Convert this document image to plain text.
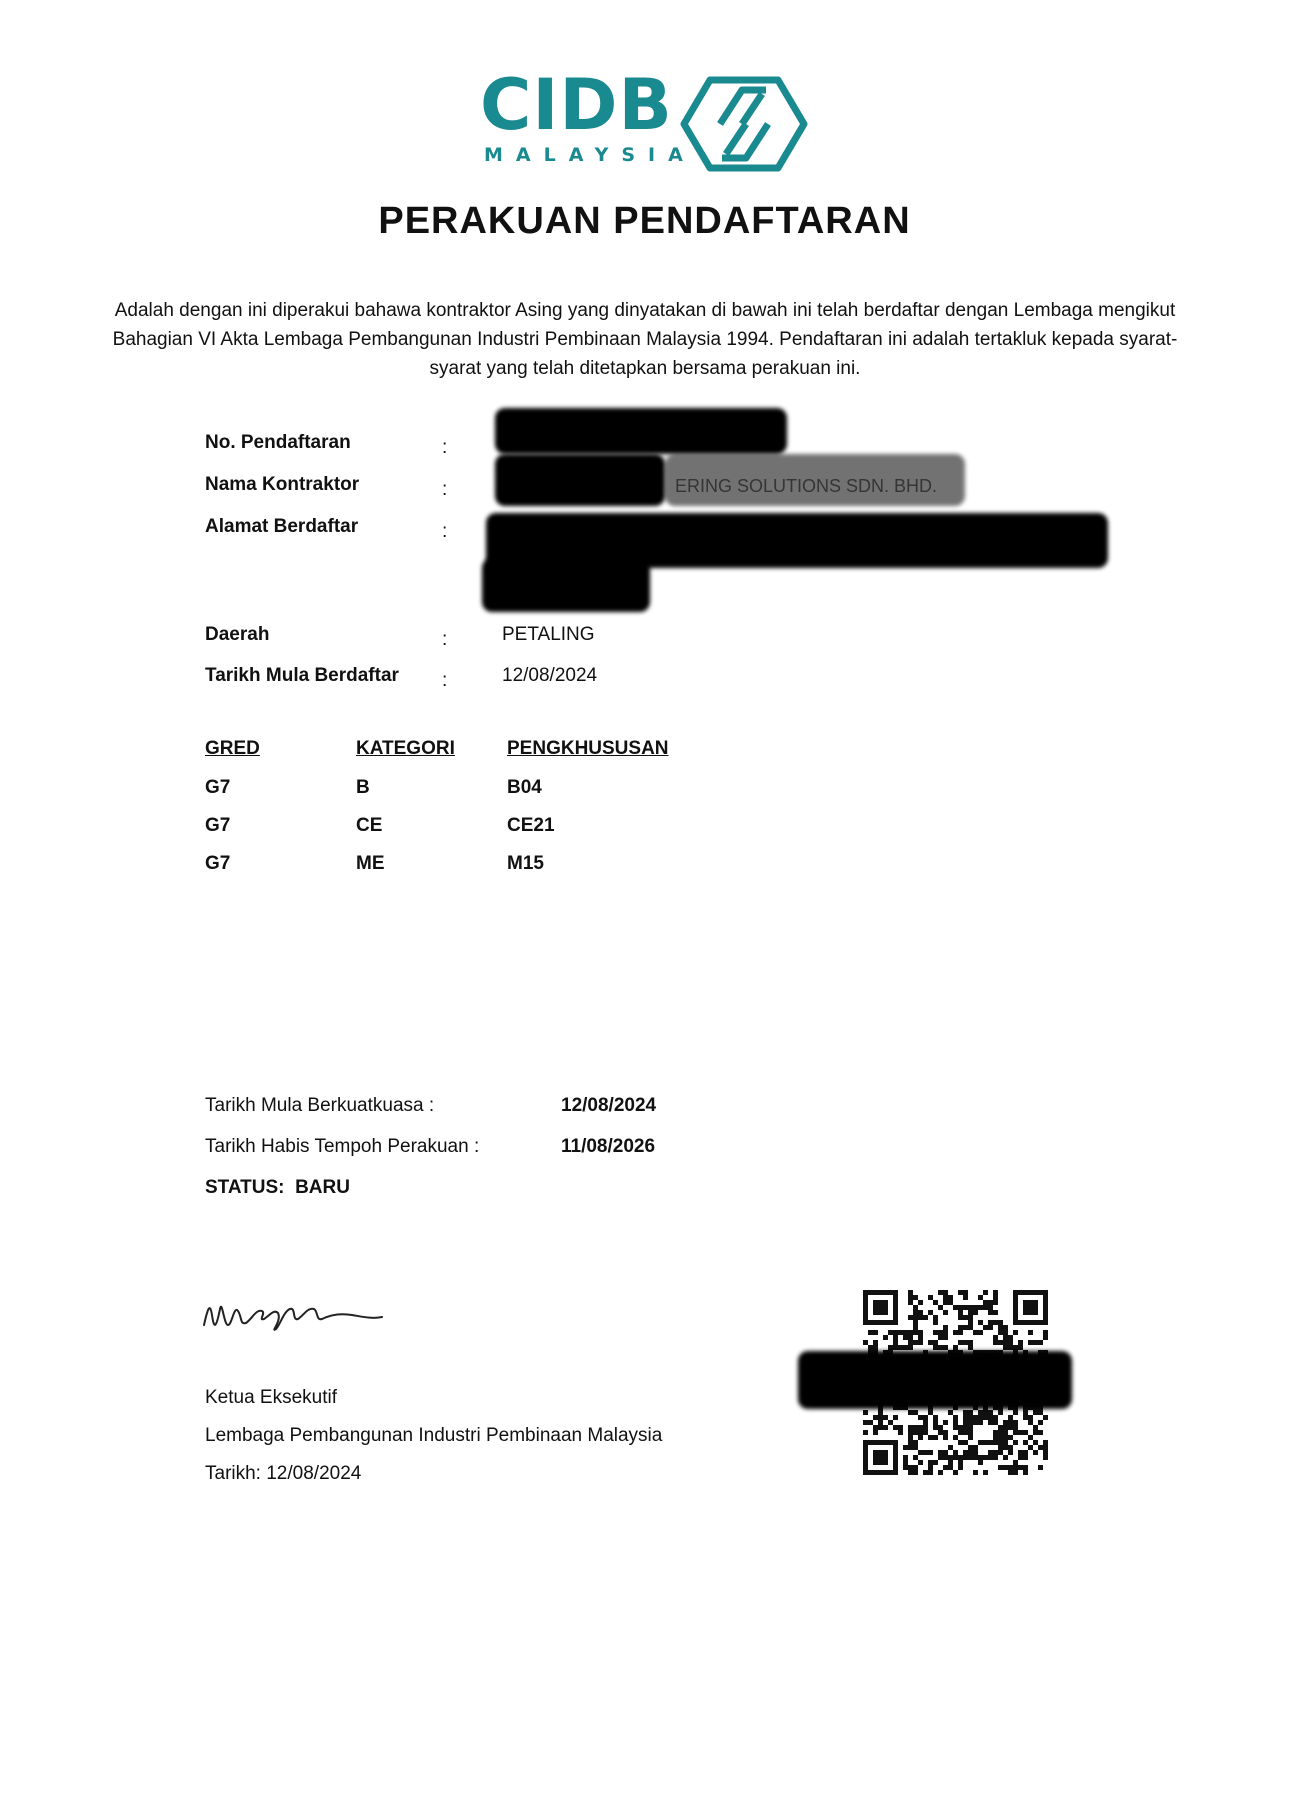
CIDB
MALAYSIA
PERAKUAN PENDAFTARAN
Adalah dengan ini diperakui bahawa kontraktor Asing yang dinyatakan di bawah ini telah berdaftar dengan Lembaga mengikut Bahagian VI Akta Lembaga Pembangunan Industri Pembinaan Malaysia 1994. Pendaftaran ini adalah tertakluk kepada syarat-syarat yang telah ditetapkan bersama perakuan ini.
No. Pendaftaran	:
Nama Kontraktor	:
Alamat Berdaftar	:
Daerah	:	PETALING
Tarikh Mula Berdaftar :	12/08/2024
GRED	KATEGORI	PENGKHUSUSAN
G7	B	B04
G7	CE	CE21
G7	ME	M15
Tarikh Mula Berkuatkuasa :	12/08/2024
Tarikh Habis Tempoh Perakuan :	11/08/2026
STATUS: BARU
Ketua Eksekutif
Lembaga Pembangunan Industri Pembinaan Malaysia
Tarikh: 12/08/2024
